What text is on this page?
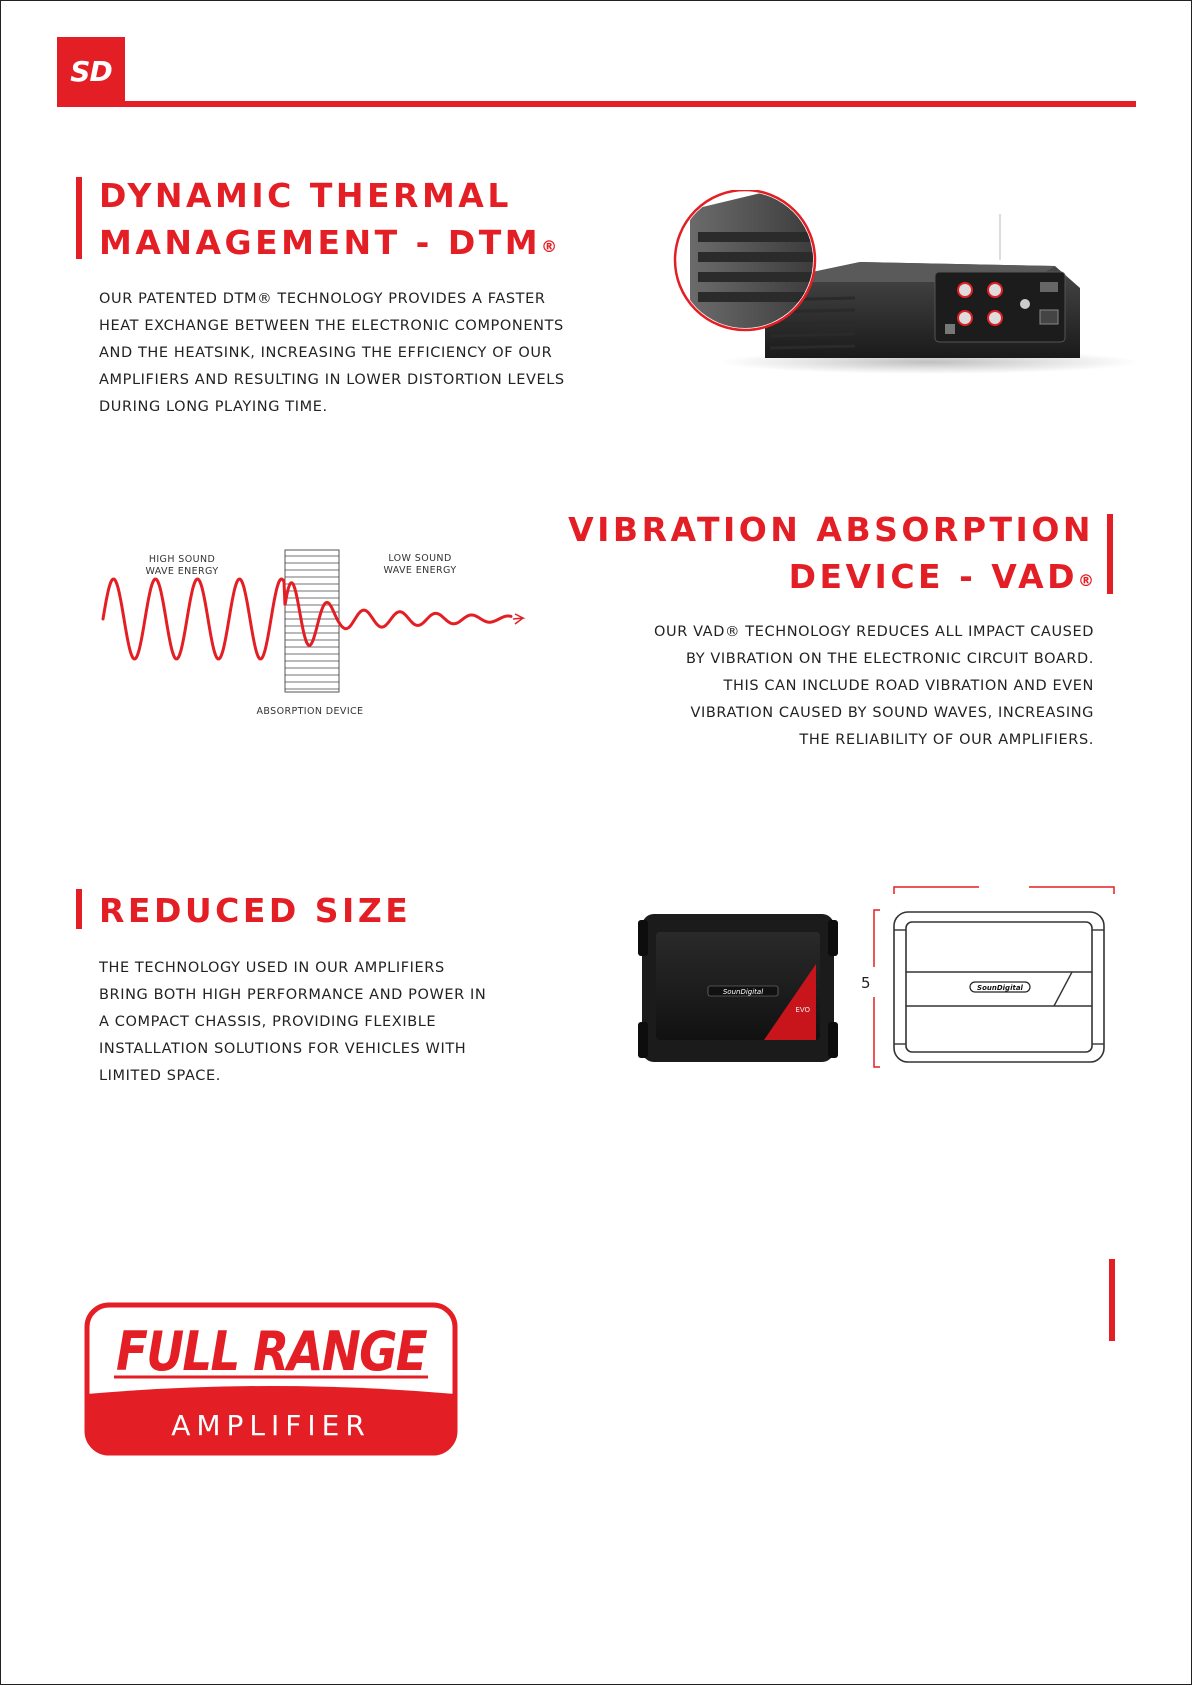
SD

DYNAMIC THERMAL

MANAGEMENT - DTM®

OUR PATENTED DTM® TECHNOLOGY PROVIDES A FASTER
HEAT EXCHANGE BETWEEN THE ELECTRONIC COMPONENTS
AND THE HEATSINK, INCREASING THE EFFICIENCY OF OUR
AMPLIFIERS AND RESULTING IN LOWER DISTORTION LEVELS
DURING LONG PLAYING TIME.

VIBRATION ABSORPTION

DEVICE - VAD®

OUR VAD® TECHNOLOGY REDUCES ALL IMPACT CAUSED
BY VIBRATION ON THE ELECTRONIC CIRCUIT BOARD.
THIS CAN INCLUDE ROAD VIBRATION AND EVEN
VIBRATION CAUSED BY SOUND WAVES, INCREASING
THE RELIABILITY OF OUR AMPLIFIERS.

HIGH SOUND
WAVE ENERGY
LOW SOUND
WAVE ENERGY
ABSORPTION DEVICE

REDUCED SIZE

THE TECHNOLOGY USED IN OUR AMPLIFIERS
BRING BOTH HIGH PERFORMANCE AND POWER IN
A COMPACT CHASSIS, PROVIDING FLEXIBLE
INSTALLATION SOLUTIONS FOR VEHICLES WITH
LIMITED SPACE.

SounDigital
EVO
5	SounDigital
FULL RANGE
AMPLIFIER
